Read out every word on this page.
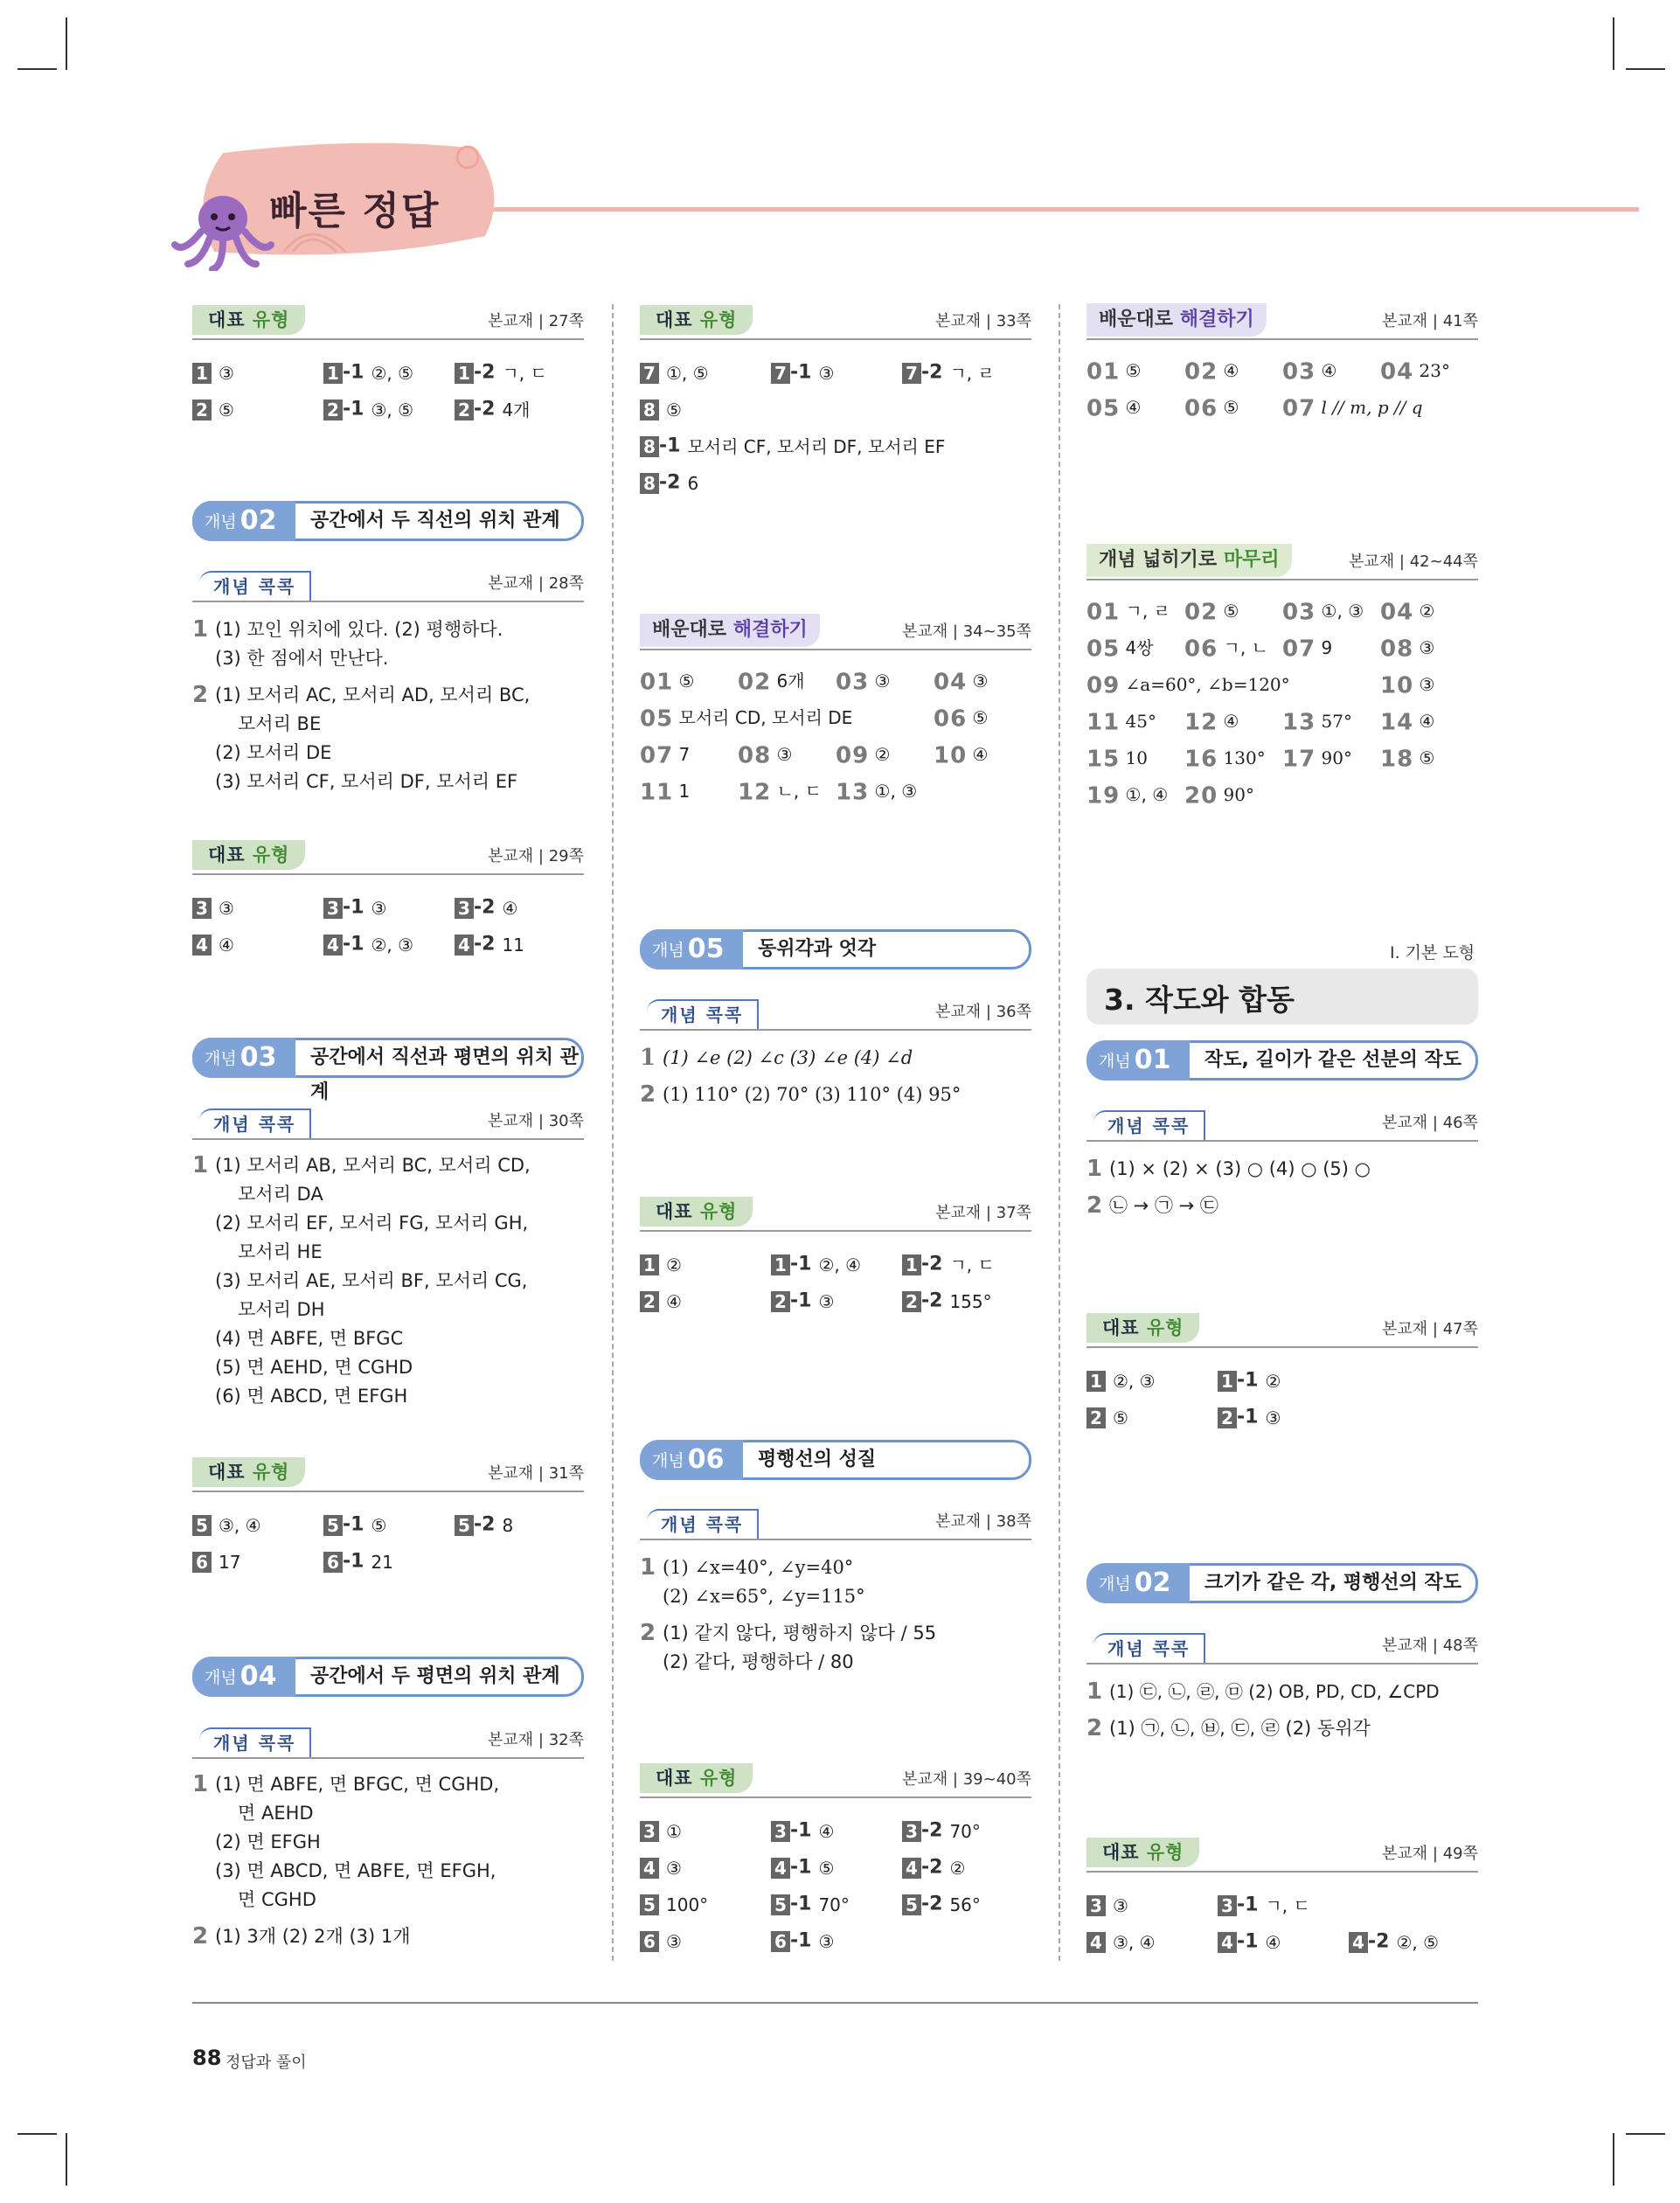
빠른 정답
대표 유형	본교재 | 27쪽
1 ③	1 -1 ②, ⑤	1 -2 ㄱ, ㄷ
2 ⑤	2 -1 ③, ⑤	2 -2 4개
개념 02	공간에서 두 직선의 위치 관계
개념 콕콕	본교재 | 28쪽
1 (1) 꼬인 위치에 있다. (2) 평행하다.
(3) 한 점에서 만난다.
2 (1) 모서리 AC, 모서리 AD, 모서리 BC,
모서리 BE
(2) 모서리 DE
(3) 모서리 CF, 모서리 DF, 모서리 EF
대표 유형	본교재 | 29쪽
3 ③	3 -1 ③	3 -2 ④
4 ④	4 -1 ②, ③	4 -2 11
개념 03	공간에서 직선과 평면의 위치 관계
개념 콕콕	본교재 | 30쪽
1 (1) 모서리 AB, 모서리 BC, 모서리 CD,
모서리 DA
(2) 모서리 EF, 모서리 FG, 모서리 GH,
모서리 HE
(3) 모서리 AE, 모서리 BF, 모서리 CG,
모서리 DH
(4) 면 ABFE, 면 BFGC
(5) 면 AEHD, 면 CGHD
(6) 면 ABCD, 면 EFGH
대표 유형	본교재 | 31쪽
5 ③, ④	5 -1 ⑤	5 -2 8
6 17	6 -1 21
개념 04	공간에서 두 평면의 위치 관계
개념 콕콕	본교재 | 32쪽
1 (1) 면 ABFE, 면 BFGC, 면 CGHD,
면 AEHD
(2) 면 EFGH
(3) 면 ABCD, 면 ABFE, 면 EFGH,
면 CGHD
2 (1) 3개 (2) 2개 (3) 1개
대표 유형	본교재 | 33쪽
7 ①, ⑤	7 -1 ③	7 -2 ㄱ, ㄹ
8 ⑤
8 -1 모서리 CF, 모서리 DF, 모서리 EF
8 -2 6
배운대로 해결하기	본교재 | 34~35쪽
01 ⑤ 02 6개 03 ③ 04 ③
05 모서리 CD, 모서리 DE	06 ⑤
07 7 08 ③ 09 ② 10 ④
11 1 12 ㄴ, ㄷ 13 ①, ③
개념 05	동위각과 엇각
개념 콕콕	본교재 | 36쪽
1 (1) ∠e (2) ∠c (3) ∠e (4) ∠d
2 (1) 110° (2) 70° (3) 110° (4) 95°
대표 유형	본교재 | 37쪽
1 ②	1 -1 ②, ④	1 -2 ㄱ, ㄷ
2 ④	2 -1 ③	2 -2 155°
개념 06	평행선의 성질
개념 콕콕	본교재 | 38쪽
1 (1) ∠x=40°, ∠y=40°
(2) ∠x=65°, ∠y=115°
2 (1) 같지 않다, 평행하지 않다 / 55
(2) 같다, 평행하다 / 80
대표 유형	본교재 | 39~40쪽
3 ①	3 -1 ④	3 -2 70°
4 ③	4 -1 ⑤	4 -2 ②
5 100°	5 -1 70°	5 -2 56°
6 ③	6 -1 ③
배운대로 해결하기	본교재 | 41쪽
01 ⑤ 02 ④ 03 ④ 04 23°
05 ④ 06 ⑤ 07 l // m, p // q
개념 넓히기로 마무리	본교재 | 42~44쪽
01 ㄱ, ㄹ 02 ⑤ 03 ①, ③ 04 ②
05 4쌍 06 ㄱ, ㄴ 07 9 08 ③
09 ∠a=60°, ∠b=120°	10 ③
11 45° 12 ④ 13 57° 14 ④
15 10 16 130° 17 90° 18 ⑤
19 ①, ④ 20 90°
I. 기본 도형
3. 작도와 합동
개념 01	작도, 길이가 같은 선분의 작도
개념 콕콕	본교재 | 46쪽
1 (1) × (2) × (3) ○ (4) ○ (5) ○
2 ㉡ → ㉠ → ㉢
대표 유형	본교재 | 47쪽
1 ②, ③	1 -1 ②
2 ⑤	2 -1 ③
개념 02	크기가 같은 각, 평행선의 작도
개념 콕콕	본교재 | 48쪽
1 (1) ㉢, ㉡, ㉣, ㉤ (2) OB, PD, CD, ∠CPD
2 (1) ㉠, ㉡, ㉥, ㉢, ㉣ (2) 동위각
대표 유형	본교재 | 49쪽
3 ③	3 -1 ㄱ, ㄷ
4 ③, ④	4 -1 ④	4 -2 ②, ⑤
88 정답과 풀이
